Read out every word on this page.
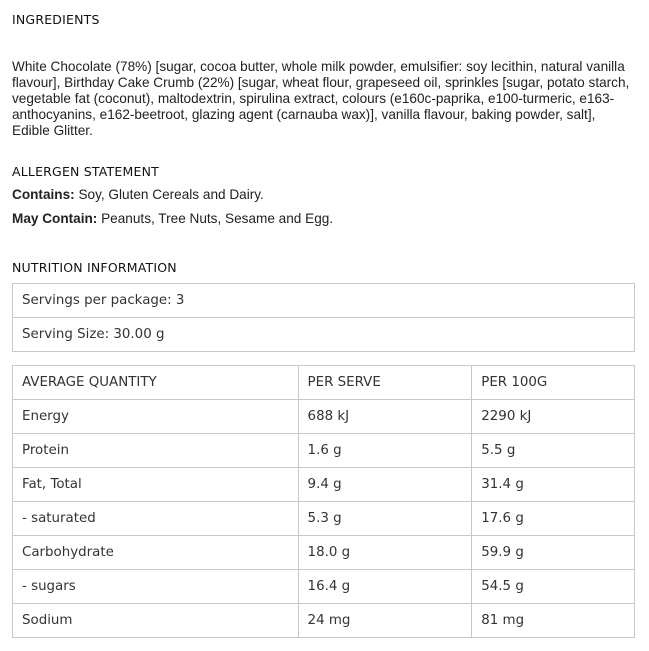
INGREDIENTS

White Chocolate (78%) [sugar, cocoa butter, whole milk powder, emulsifier: soy lecithin, natural vanilla flavour], Birthday Cake Crumb (22%) [sugar, wheat flour, grapeseed oil, sprinkles [sugar, potato starch, vegetable fat (coconut), maltodextrin, spirulina extract, colours (e160c-paprika, e100-turmeric, e163-anthocyanins, e162-beetroot, glazing agent (carnauba wax)], vanilla flavour, baking powder, salt], Edible Glitter.

ALLERGEN STATEMENT

Contains: Soy, Gluten Cereals and Dairy.

May Contain: Peanuts, Tree Nuts, Sesame and Egg.

NUTRITION INFORMATION
Servings per package: 3
Serving Size: 30.00 g
AVERAGE QUANTITY	PER SERVE	PER 100G
Energy	688 kJ	2290 kJ
Protein	1.6 g	5.5 g
Fat, Total	9.4 g	31.4 g
- saturated	5.3 g	17.6 g
Carbohydrate	18.0 g	59.9 g
- sugars	16.4 g	54.5 g
Sodium	24 mg	81 mg
